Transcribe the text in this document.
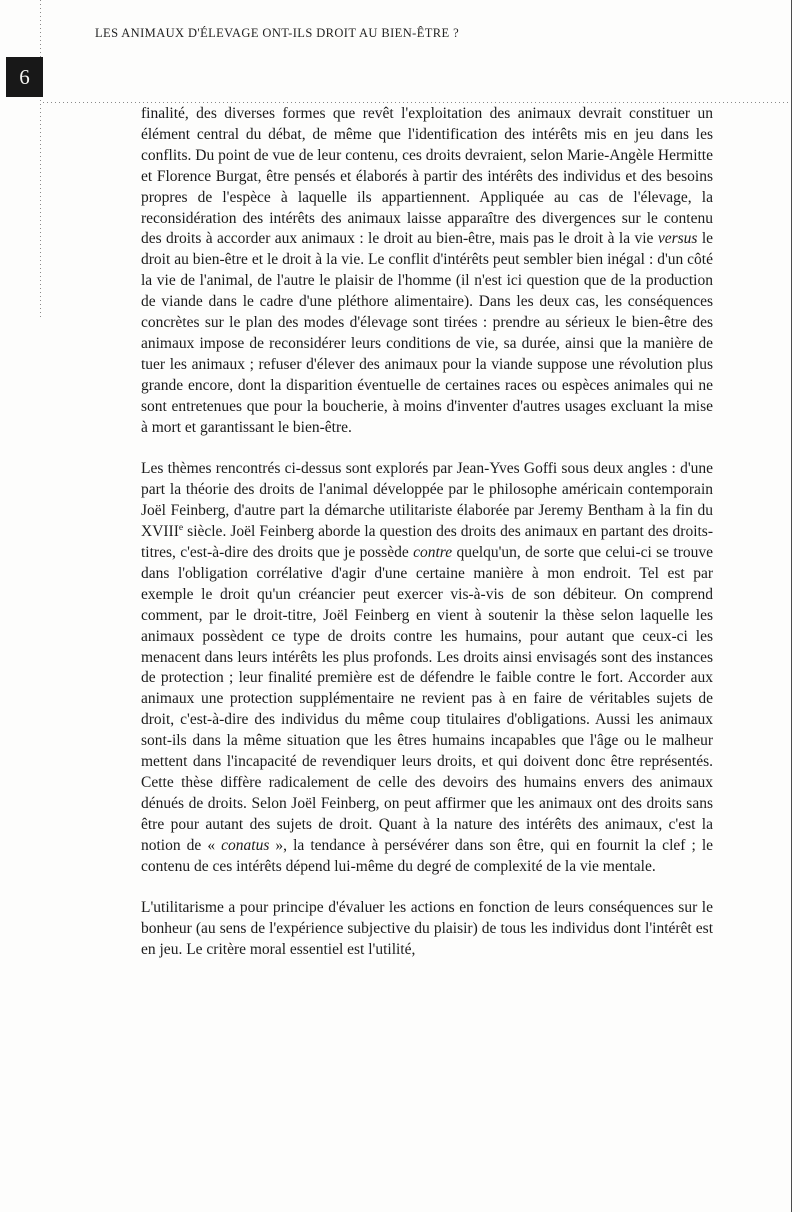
6
LES ANIMAUX D'ÉLEVAGE ONT-ILS DROIT AU BIEN-ÊTRE ?

finalité, des diverses formes que revêt l'exploitation des animaux devrait constituer un élément central du débat, de même que l'identification des intérêts mis en jeu dans les conflits. Du point de vue de leur contenu, ces droits devraient, selon Marie-Angèle Hermitte et Florence Burgat, être pensés et élaborés à partir des intérêts des individus et des besoins propres de l'espèce à laquelle ils appartiennent. Appliquée au cas de l'élevage, la reconsidération des intérêts des animaux laisse apparaître des divergences sur le contenu des droits à accorder aux animaux : le droit au bien-être, mais pas le droit à la vie versus le droit au bien-être et le droit à la vie. Le conflit d'intérêts peut sembler bien inégal : d'un côté la vie de l'animal, de l'autre le plaisir de l'homme (il n'est ici question que de la production de viande dans le cadre d'une pléthore alimentaire). Dans les deux cas, les conséquences concrètes sur le plan des modes d'élevage sont tirées : prendre au sérieux le bien-être des animaux impose de reconsidérer leurs conditions de vie, sa durée, ainsi que la manière de tuer les animaux ; refuser d'élever des animaux pour la viande suppose une révolution plus grande encore, dont la disparition éventuelle de certaines races ou espèces animales qui ne sont entretenues que pour la boucherie, à moins d'inventer d'autres usages excluant la mise à mort et garantissant le bien-être.

Les thèmes rencontrés ci-dessus sont explorés par Jean-Yves Goffi sous deux angles : d'une part la théorie des droits de l'animal développée par le philosophe américain contemporain Joël Feinberg, d'autre part la démarche utilitariste élaborée par Jeremy Bentham à la fin du XVIIIe siècle. Joël Feinberg aborde la question des droits des animaux en partant des droits-titres, c'est-à-dire des droits que je possède contre quelqu'un, de sorte que celui-ci se trouve dans l'obligation corrélative d'agir d'une certaine manière à mon endroit. Tel est par exemple le droit qu'un créancier peut exercer vis-à-vis de son débiteur. On comprend comment, par le droit-titre, Joël Feinberg en vient à soutenir la thèse selon laquelle les animaux possèdent ce type de droits contre les humains, pour autant que ceux-ci les menacent dans leurs intérêts les plus profonds. Les droits ainsi envisagés sont des instances de protection ; leur finalité première est de défendre le faible contre le fort. Accorder aux animaux une protection supplémentaire ne revient pas à en faire de véritables sujets de droit, c'est-à-dire des individus du même coup titulaires d'obligations. Aussi les animaux sont-ils dans la même situation que les êtres humains incapables que l'âge ou le malheur mettent dans l'incapacité de revendiquer leurs droits, et qui doivent donc être représentés. Cette thèse diffère radicalement de celle des devoirs des humains envers des animaux dénués de droits. Selon Joël Feinberg, on peut affirmer que les animaux ont des droits sans être pour autant des sujets de droit. Quant à la nature des intérêts des animaux, c'est la notion de « conatus », la tendance à persévérer dans son être, qui en fournit la clef ; le contenu de ces intérêts dépend lui-même du degré de complexité de la vie mentale.

L'utilitarisme a pour principe d'évaluer les actions en fonction de leurs conséquences sur le bonheur (au sens de l'expérience subjective du plaisir) de tous les individus dont l'intérêt est en jeu. Le critère moral essentiel est l'utilité,
